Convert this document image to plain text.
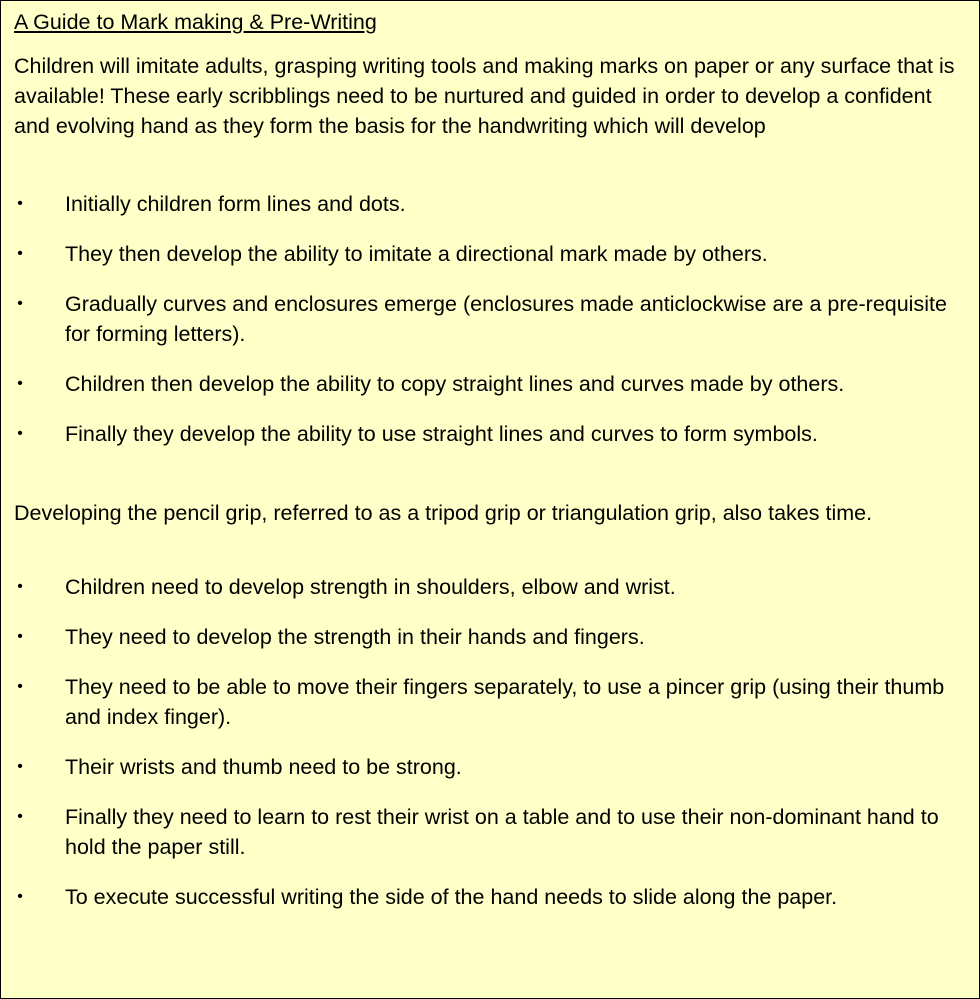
A Guide to Mark making & Pre-Writing

Children will imitate adults, grasping writing tools and making marks on paper or any surface that is available! These early scribblings need to be nurtured and guided in order to develop a confident and evolving hand as they form the basis for the handwriting which will develop

• Initially children form lines and dots.
• They then develop the ability to imitate a directional mark made by others.
• Gradually curves and enclosures emerge (enclosures made anticlockwise are a pre-requisite for forming letters).
• Children then develop the ability to copy straight lines and curves made by others.
• Finally they develop the ability to use straight lines and curves to form symbols.

Developing the pencil grip, referred to as a tripod grip or triangulation grip, also takes time.

• Children need to develop strength in shoulders, elbow and wrist.
• They need to develop the strength in their hands and fingers.
• They need to be able to move their fingers separately, to use a pincer grip (using their thumb and index finger).
• Their wrists and thumb need to be strong.
• Finally they need to learn to rest their wrist on a table and to use their non-dominant hand to hold the paper still.
• To execute successful writing the side of the hand needs to slide along the paper.
